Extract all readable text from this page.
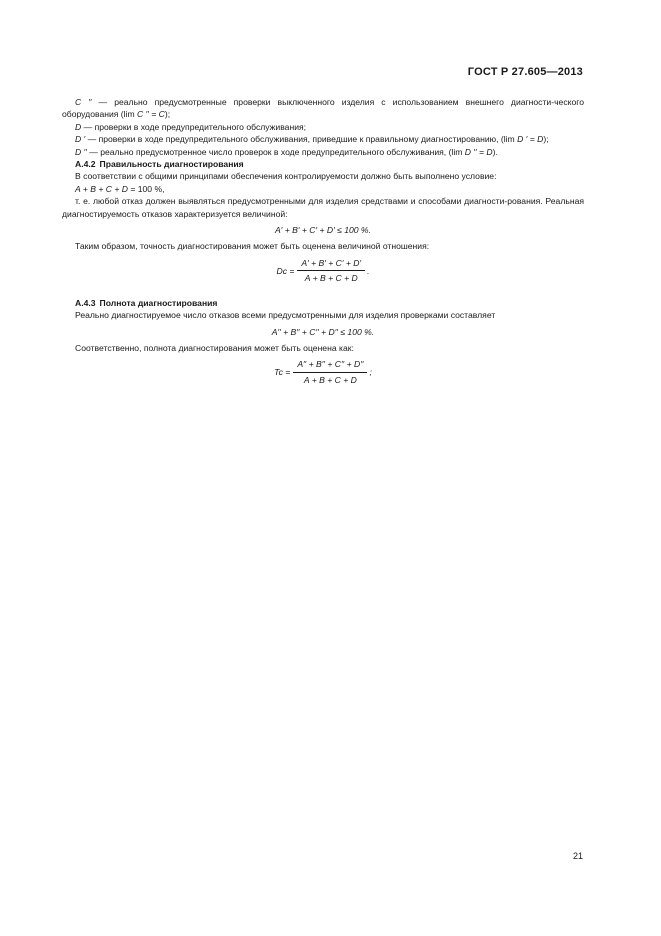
ГОСТ Р 27.605—2013

C ′′ — реально предусмотренные проверки выключенного изделия с использованием внешнего диагности-ческого оборудования (lim C ′′ = C);

D — проверки в ходе предупредительного обслуживания;

D ′ — проверки в ходе предупредительного обслуживания, приведшие к правильному диагностированию, (lim D ′ = D);

D ′′ — реально предусмотренное число проверок в ходе предупредительного обслуживания, (lim D ′′ = D).

А.4.2 Правильность диагностирования

В соответствии с общими принципами обеспечения контролируемости должно быть выполнено условие:

A + B + C + D = 100 %,

т. е. любой отказ должен выявляться предусмотренными для изделия средствами и способами диагности-рования. Реальная диагностируемость отказов характеризуется величиной:

A′ + B′ + C′ + D′ ≤ 100 %.

Таким образом, точность диагностирования может быть оценена величиной отношения:

$Dc = \frac{A' + B' + C' + D'}{A + B + C + D}$ .

А.4.3 Полнота диагностирования

Реально диагностируемое число отказов всеми предусмотренными для изделия проверками составляет

A′′ + B′′ + C′′ + D′′ ≤ 100 %.

Соответственно, полнота диагностирования может быть оценена как:

$Tc = \frac{A'' + B'' + C'' + D''}{A + B + C + D}$ ;
21
